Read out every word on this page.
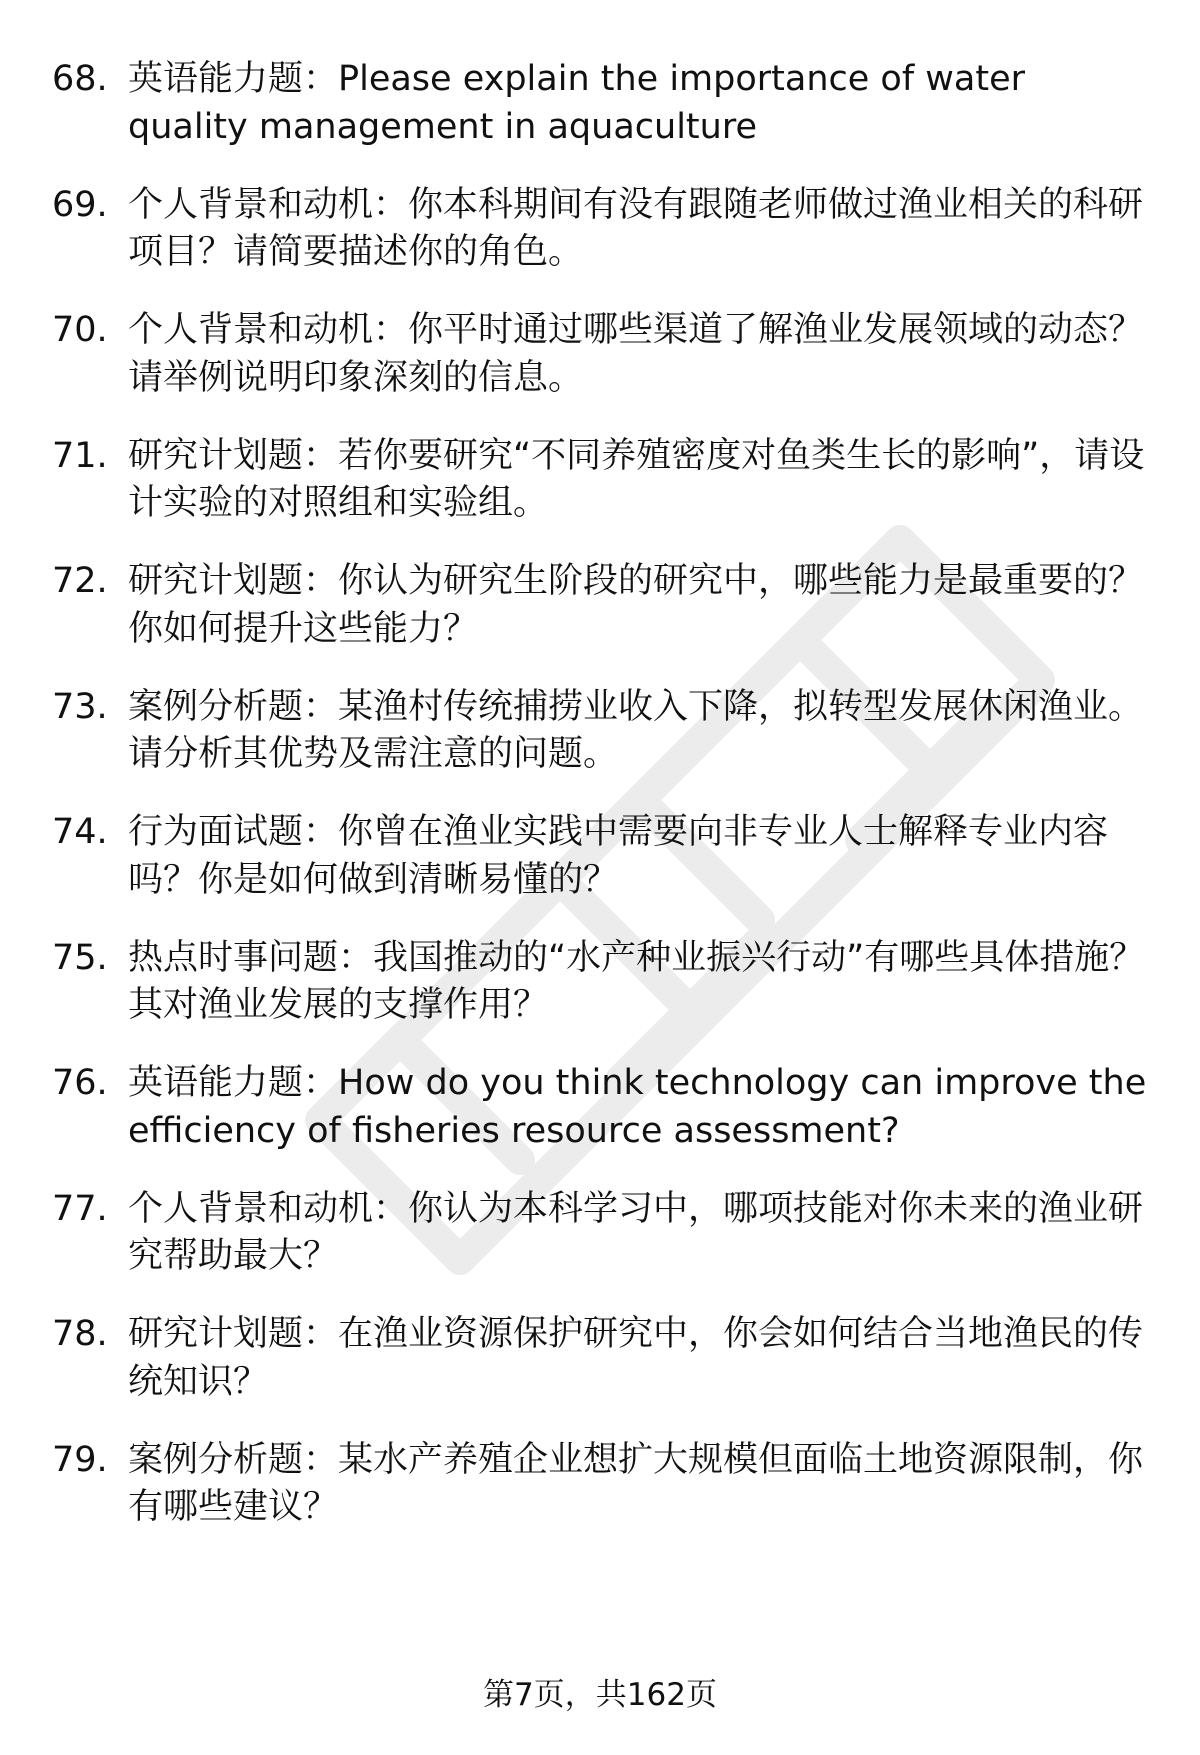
68. 英语能力题：Please explain the importance of water quality management in aquaculture
69. 个人背景和动机：你本科期间有没有跟随老师做过渔业相关的科研项目？请简要描述你的角色。
70. 个人背景和动机：你平时通过哪些渠道了解渔业发展领域的动态？请举例说明印象深刻的信息。
71. 研究计划题：若你要研究“不同养殖密度对鱼类生长的影响”，请设计实验的对照组和实验组。
72. 研究计划题：你认为研究生阶段的研究中，哪些能力是最重要的？你如何提升这些能力？
73. 案例分析题：某渔村传统捕捞业收入下降，拟转型发展休闲渔业。请分析其优势及需注意的问题。
74. 行为面试题：你曾在渔业实践中需要向非专业人士解释专业内容吗？你是如何做到清晰易懂的？
75. 热点时事问题：我国推动的“水产种业振兴行动”有哪些具体措施？其对渔业发展的支撑作用？
76. 英语能力题：How do you think technology can improve the efficiency of fisheries resource assessment?
77. 个人背景和动机：你认为本科学习中，哪项技能对你未来的渔业研究帮助最大？
78. 研究计划题：在渔业资源保护研究中，你会如何结合当地渔民的传统知识？
79. 案例分析题：某水产养殖企业想扩大规模但面临土地资源限制，你有哪些建议？
第7页，共162页
